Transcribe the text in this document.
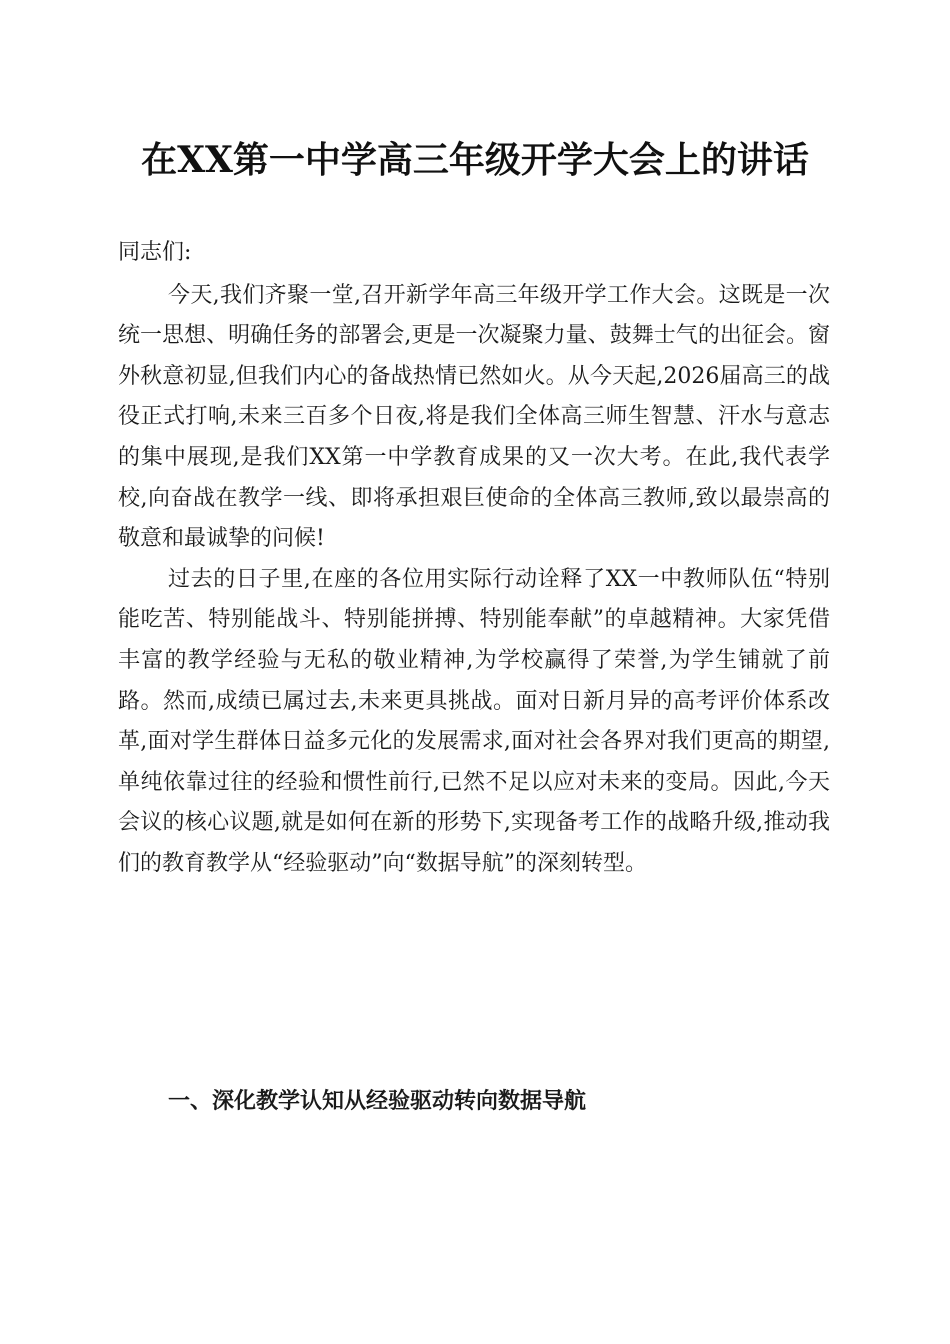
在XX第一中学高三年级开学大会上的讲话

同志们:

今天,我们齐聚一堂,召开新学年高三年级开学工作大会。这既是一次统一思想、明确任务的部署会,更是一次凝聚力量、鼓舞士气的出征会。窗外秋意初显,但我们内心的备战热情已然如火。从今天起,2026届高三的战役正式打响,未来三百多个日夜,将是我们全体高三师生智慧、汗水与意志的集中展现,是我们XX第一中学教育成果的又一次大考。在此,我代表学校,向奋战在教学一线、即将承担艰巨使命的全体高三教师,致以最崇高的敬意和最诚挚的问候!

过去的日子里,在座的各位用实际行动诠释了XX一中教师队伍“特别能吃苦、特别能战斗、特别能拼搏、特别能奉献”的卓越精神。大家凭借丰富的教学经验与无私的敬业精神,为学校赢得了荣誉,为学生铺就了前路。然而,成绩已属过去,未来更具挑战。面对日新月异的高考评价体系改革,面对学生群体日益多元化的发展需求,面对社会各界对我们更高的期望,单纯依靠过往的经验和惯性前行,已然不足以应对未来的变局。因此,今天会议的核心议题,就是如何在新的形势下,实现备考工作的战略升级,推动我们的教育教学从“经验驱动”向“数据导航”的深刻转型。

一、深化教学认知从经验驱动转向数据导航
